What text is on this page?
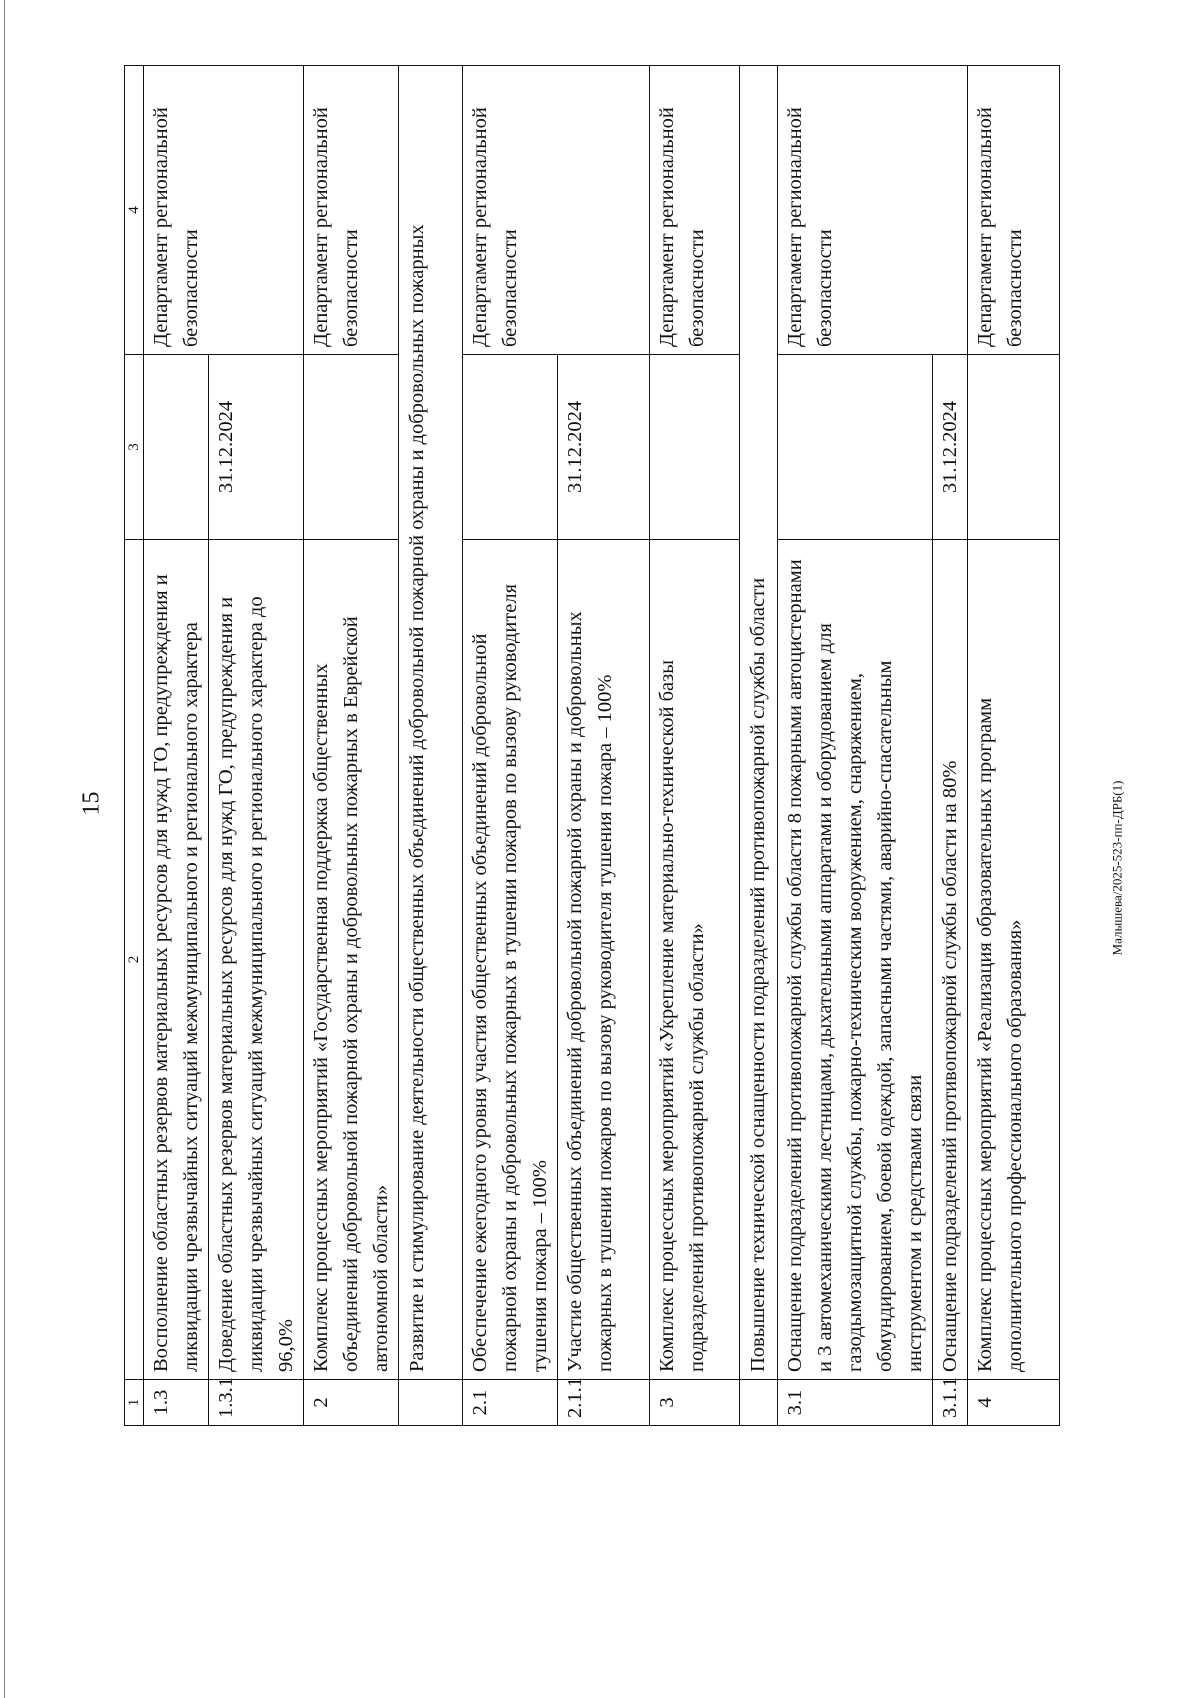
15
1	2	3	4
1.3	Восполнение областных резервов материальных ресурсов для нужд ГО, предупреждения и ликвидации чрезвычайных ситуаций межмуниципального и регионального характера		Департамент региональной безопасности
1.3.1	Доведение областных резервов материальных ресурсов для нужд ГО, предупреждения и ликвидации чрезвычайных ситуаций межмуниципального и регионального характера до 96,0%	31.12.2024	
2	Комплекс процессных мероприятий «Государственная поддержка общественных объединений добровольной пожарной охраны и добровольных пожарных в Еврейской автономной области»		Департамент региональной безопасности
	Развитие и стимулирование деятельности общественных объединений добровольной пожарной охраны и добровольных пожарных		
2.1	Обеспечение ежегодного уровня участия общественных объединений добровольной пожарной охраны и добровольных пожарных в тушении пожаров по вызову руководителя тушения пожара – 100%		Департамент региональной безопасности
2.1.1	Участие общественных объединений добровольной пожарной охраны и добровольных пожарных в тушении пожаров по вызову руководителя тушения пожара – 100%	31.12.2024	
3	Комплекс процессных мероприятий «Укрепление материально-технической базы подразделений противопожарной службы области»		Департамент региональной безопасности
	Повышение технической оснащенности подразделений противопожарной службы области		
3.1	Оснащение подразделений противопожарной службы области 8 пожарными автоцистернами и 3 автомеханическими лестницами, дыхательными аппаратами и оборудованием для газодымозащитной службы, пожарно-техническим вооружением, снаряжением, обмундированием, боевой одеждой, запасными частями, аварийно-спасательным инструментом и средствами связи		Департамент региональной безопасности
3.1.1	Оснащение подразделений противопожарной службы области на 80%	31.12.2024	
4	Комплекс процессных мероприятий «Реализация образовательных программ дополнительного профессионального образования»		Департамент региональной безопасности
Малышева/2025-523-пп-ДРБ(1)
